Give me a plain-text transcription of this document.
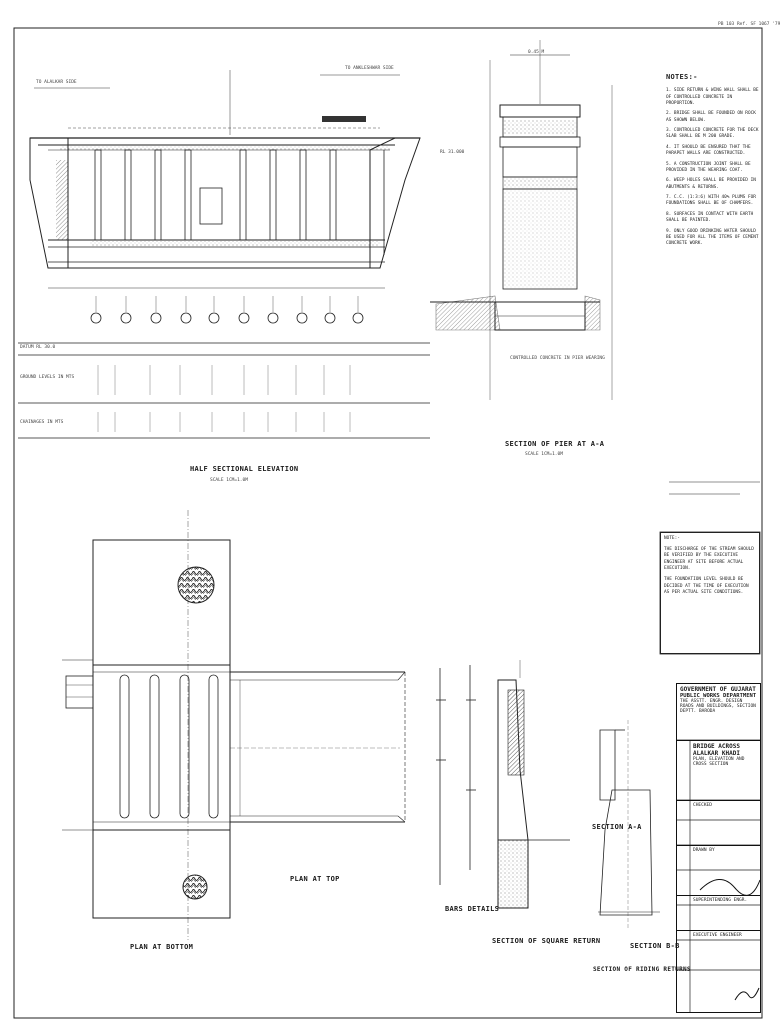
PB 103 Ref. SF 1067 '79
TO ALALKAR SIDE
TO ANKLESHWAR SIDE
DATUM RL 30.0
GROUND LEVELS IN MTS
CHAINAGES IN MTS
HALF SECTIONAL ELEVATION
SCALE 1CM=1.0M
0.45 M
CONTROLLED CONCRETE IN PIER WEARING
RL 31.000
SECTION OF PIER AT A-A
SCALE 1CM=1.0M
NOTES:-

1. SIDE RETURN & WING WALL SHALL BE OF CONTROLLED CONCRETE IN PROPORTION.

2. BRIDGE SHALL BE FOUNDED ON ROCK AS SHOWN BELOW.

3. CONTROLLED CONCRETE FOR THE DECK SLAB SHALL BE M 200 GRADE.

4. IT SHOULD BE ENSURED THAT THE PARAPET WALLS ARE CONSTRUCTED.

5. A CONSTRUCTION JOINT SHALL BE PROVIDED IN THE WEARING COAT.

6. WEEP HOLES SHALL BE PROVIDED IN ABUTMENTS & RETURNS.

7. C.C. (1:3:6) WITH 40% PLUMS FOR FOUNDATIONS SHALL BE OF CHAMFERS.

8. SURFACES IN CONTACT WITH EARTH SHALL BE PAINTED.

9. ONLY GOOD DRINKING WATER SHOULD BE USED FOR ALL THE ITEMS OF CEMENT CONCRETE WORK.

NOTE:-

THE DISCHARGE OF THE STREAM SHOULD BE VERIFIED BY THE EXECUTIVE ENGINEER AT SITE BEFORE ACTUAL EXECUTION.

THE FOUNDATION LEVEL SHOULD BE DECIDED AT THE TIME OF EXECUTION AS PER ACTUAL SITE CONDITIONS.

PLAN AT BOTTOM
PLAN AT TOP
BARS DETAILS
SECTION OF SQUARE RETURN
SECTION A-A
SECTION B-B
SECTION OF RIDING RETURNS
GOVERNMENT OF GUJARAT
PUBLIC WORKS DEPARTMENT
THE ASSTT. ENGR. DESIGN
ROADS AND BUILDINGS, SECTION
DEPTT. BARODA
BRIDGE ACROSS ALALKAR KHADI
PLAN, ELEVATION AND CROSS SECTION
CHECKED
DRAWN BY
SUPERINTENDING ENGR.
EXECUTIVE ENGINEER
